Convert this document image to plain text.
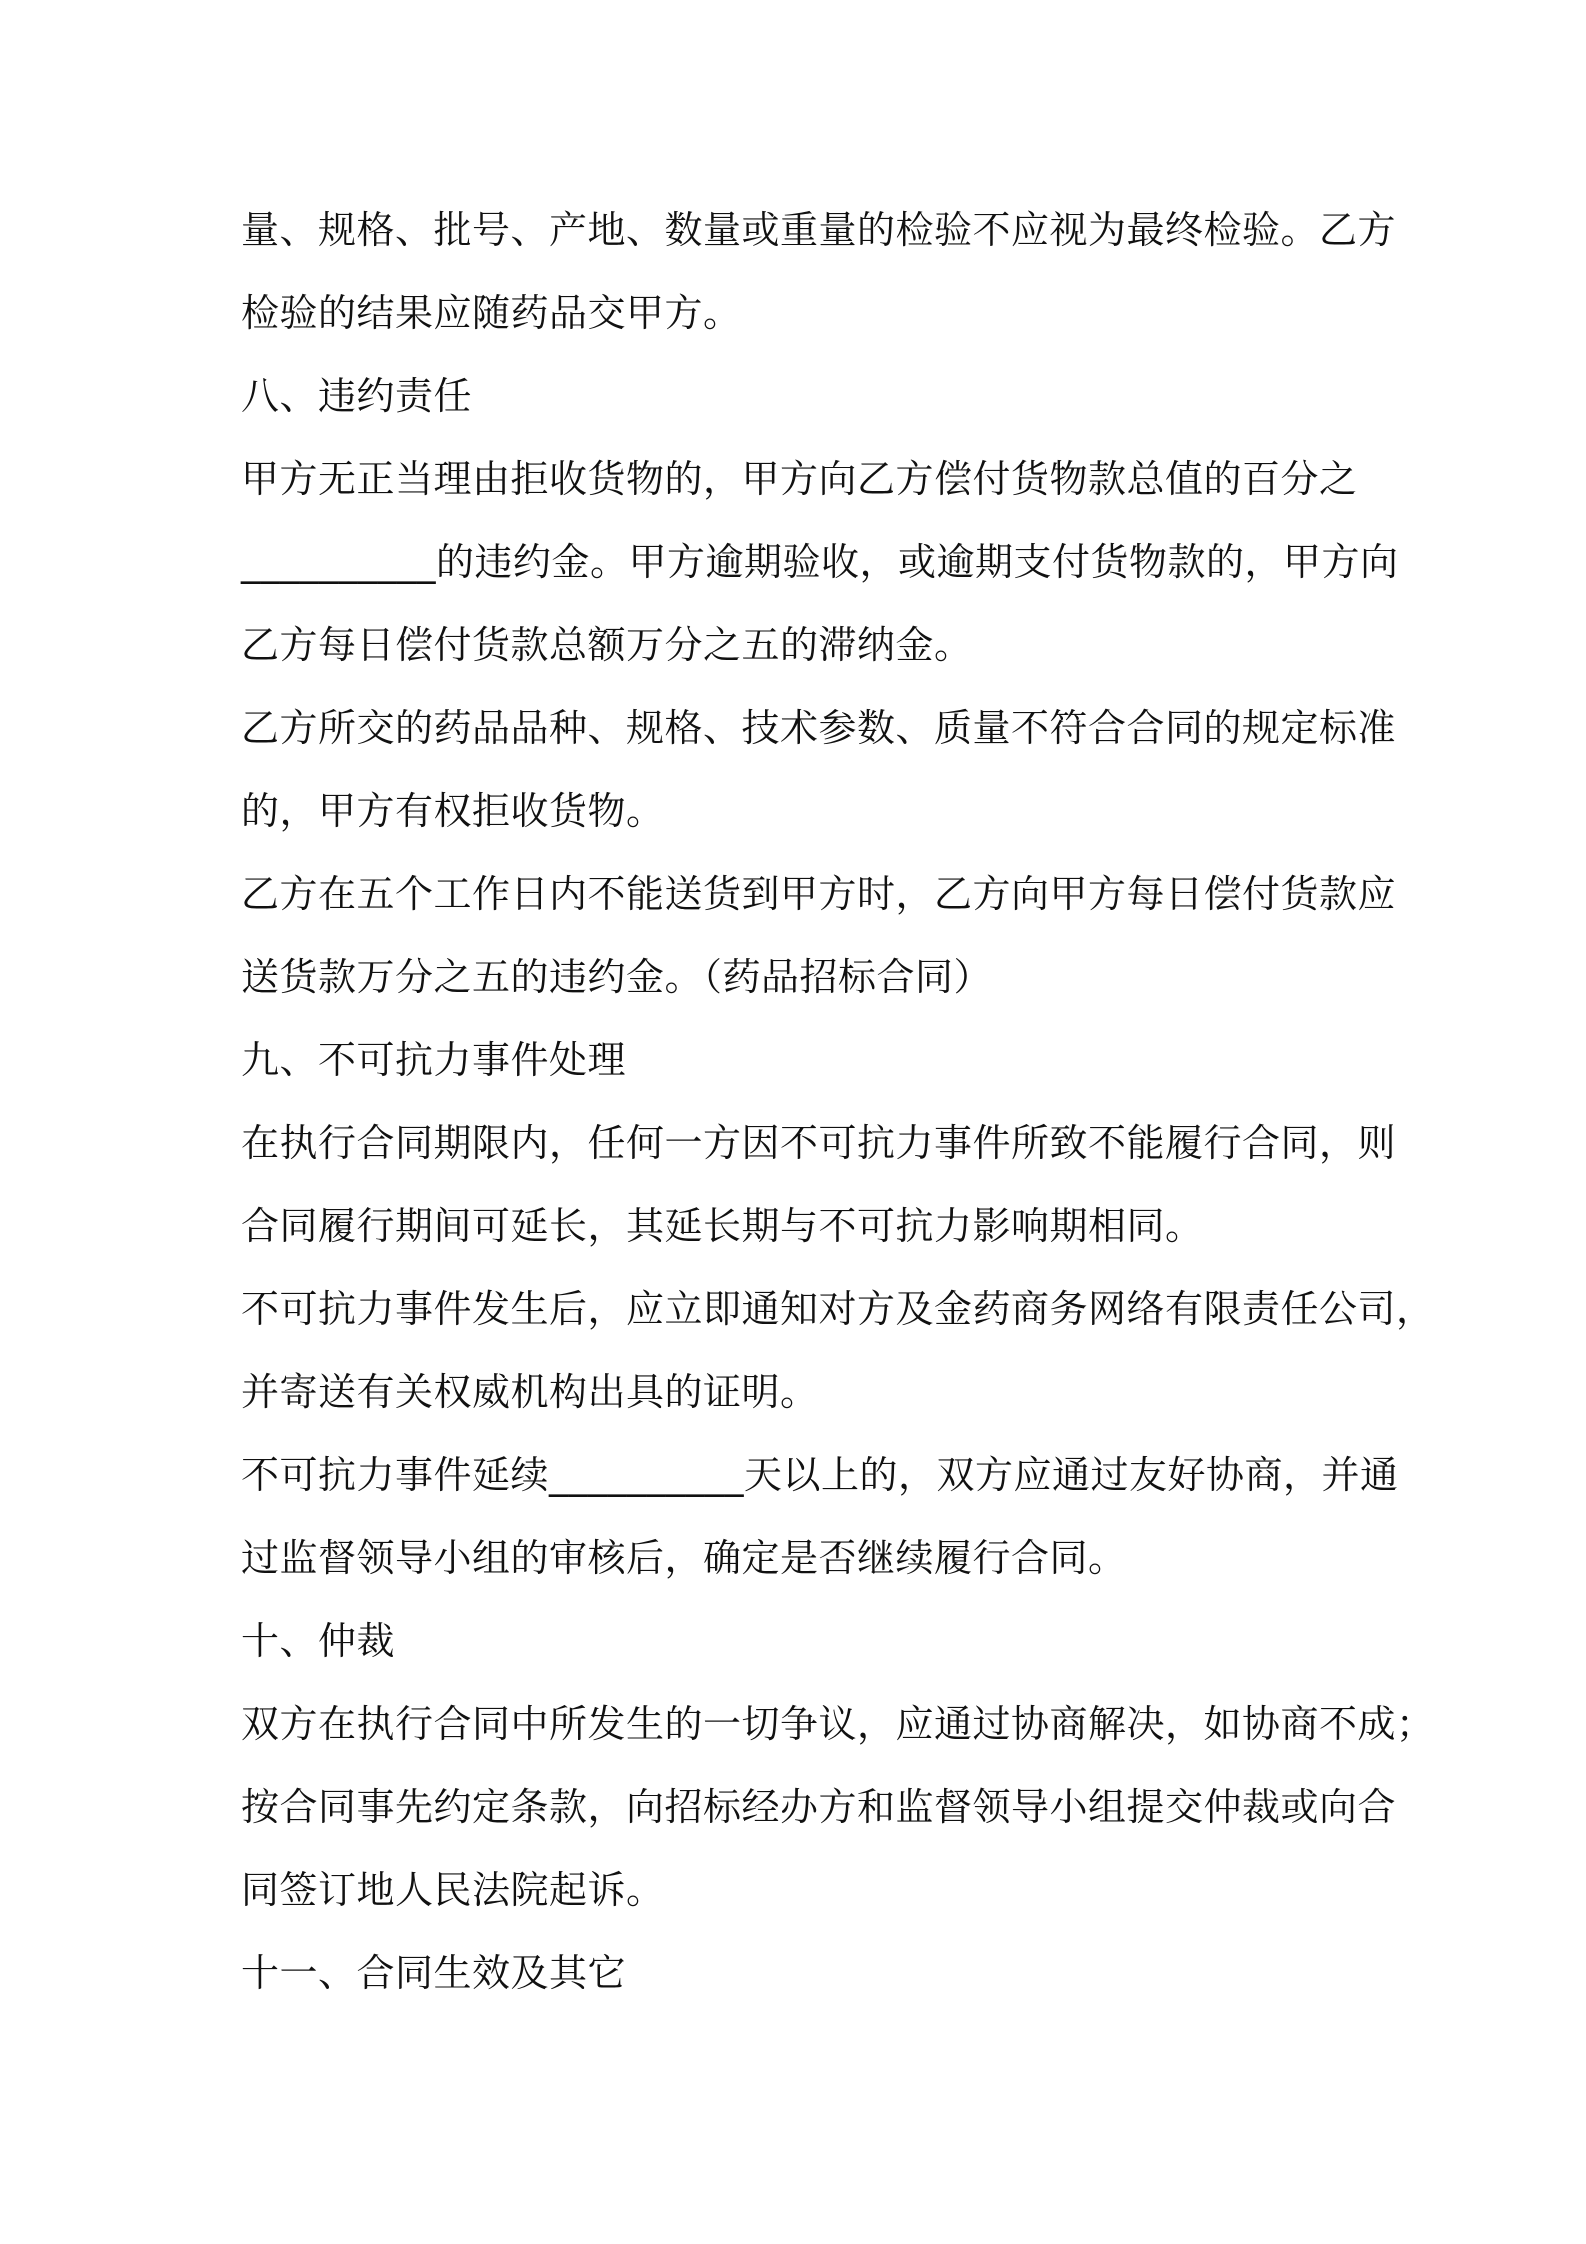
量、规格、批号、产地、数量或重量的检验不应视为最终检验。乙方
检验的结果应随药品交甲方。
八、违约责任
甲方无正当理由拒收货物的，甲方向乙方偿付货物款总值的百分之
__________的违约金。甲方逾期验收，或逾期支付货物款的，甲方向
乙方每日偿付货款总额万分之五的滞纳金。
乙方所交的药品品种、规格、技术参数、质量不符合合同的规定标准
的，甲方有权拒收货物。
乙方在五个工作日内不能送货到甲方时，乙方向甲方每日偿付货款应
送货款万分之五的违约金。（药品招标合同）
九、不可抗力事件处理
在执行合同期限内，任何一方因不可抗力事件所致不能履行合同，则
合同履行期间可延长，其延长期与不可抗力影响期相同。
不可抗力事件发生后，应立即通知对方及金药商务网络有限责任公司，
并寄送有关权威机构出具的证明。
不可抗力事件延续__________天以上的，双方应通过友好协商，并通
过监督领导小组的审核后，确定是否继续履行合同。
十、仲裁
双方在执行合同中所发生的一切争议，应通过协商解决，如协商不成；
按合同事先约定条款，向招标经办方和监督领导小组提交仲裁或向合
同签订地人民法院起诉。
十一、合同生效及其它
